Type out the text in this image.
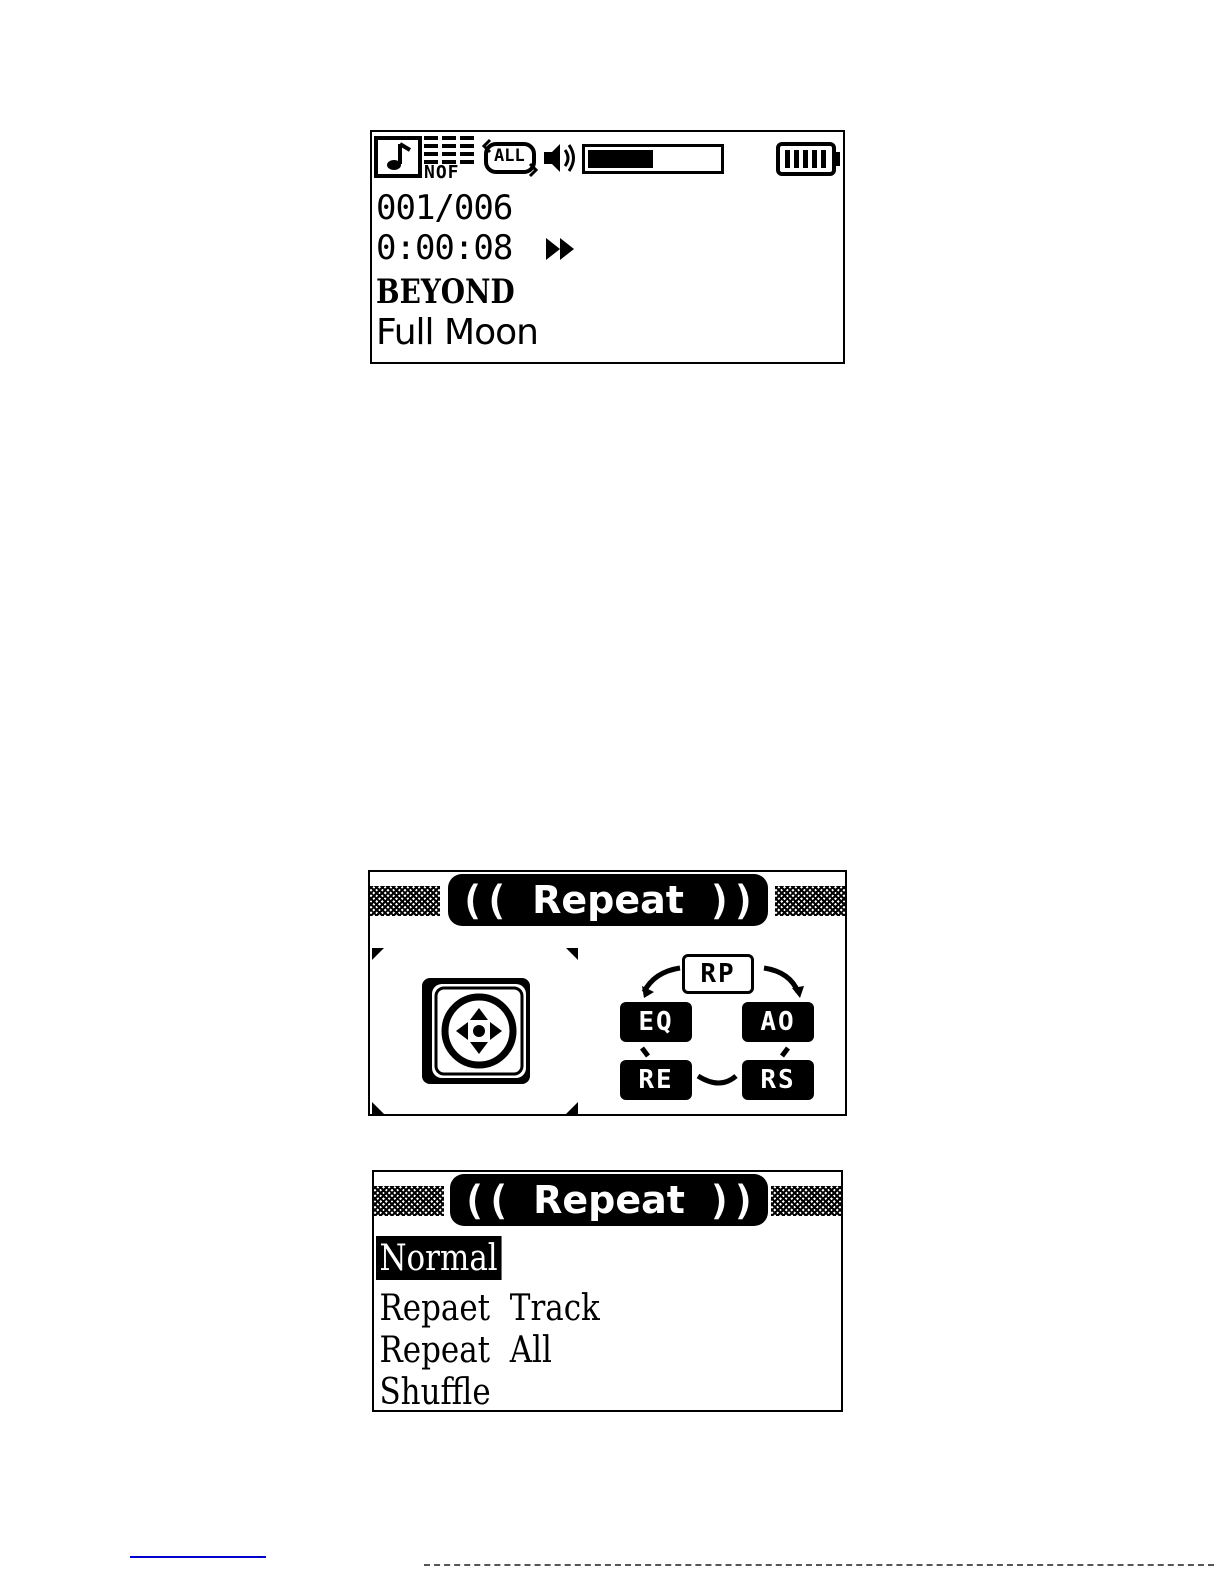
NOF
ALL
001/006
0:00:08
BEYOND
Full Moon
(( Repeat ))
RP
EQ	AO
RE	RS
(( Repeat ))
Normal
Repaet  Track
Repeat  All
Shuffle
